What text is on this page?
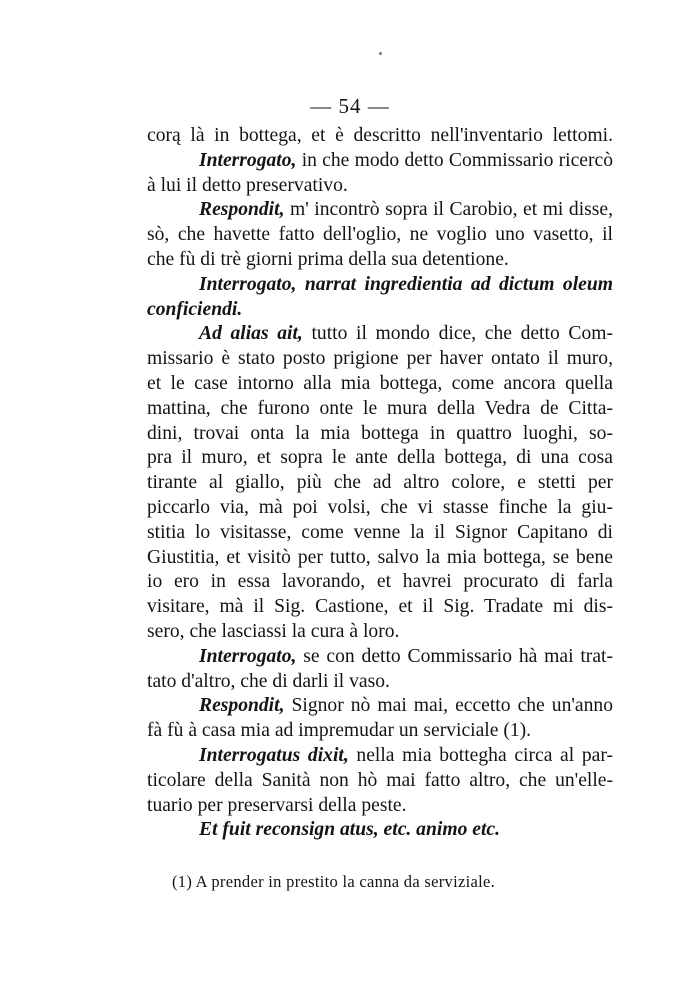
— 54 —
corą là in bottega, et è descritto nell'inventario lettomi.
Interrogato, in che modo detto Commissario ricercò
à lui il detto preservativo.
Respondit, m' incontrò sopra il Carobio, et mi disse,
sò, che havette fatto dell'oglio, ne voglio uno vasetto, il
che fù di trè giorni prima della sua detentione.
Interrogato, narrat ingredientia ad dictum oleum
conficiendi.
Ad alias ait, tutto il mondo dice, che detto Com-
missario è stato posto prigione per haver ontato il muro,
et le case intorno alla mia bottega, come ancora quella
mattina, che furono onte le mura della Vedra de Citta-
dini, trovai onta la mia bottega in quattro luoghi, so-
pra il muro, et sopra le ante della bottega, di una cosa
tirante al giallo, più che ad altro colore, e stetti per
piccarlo via, mà poi volsi, che vi stasse finche la giu-
stitia lo visitasse, come venne la il Signor Capitano di
Giustitia, et visitò per tutto, salvo la mia bottega, se bene
io ero in essa lavorando, et havrei procurato di farla
visitare, mà il Sig. Castione, et il Sig. Tradate mi dis-
sero, che lasciassi la cura à loro.
Interrogato, se con detto Commissario hà mai trat-
tato d'altro, che di darli il vaso.
Respondit, Signor nò mai mai, eccetto che un'anno
fà fù à casa mia ad impremudar un serviciale (1).
Interrogatus dixit, nella mia bottegha circa al par-
ticolare della Sanità non hò mai fatto altro, che un'elle-
tuario per preservarsi della peste.
Et fuit reconsign atus, etc. animo etc.
(1) A prender in prestito la canna da serviziale.
